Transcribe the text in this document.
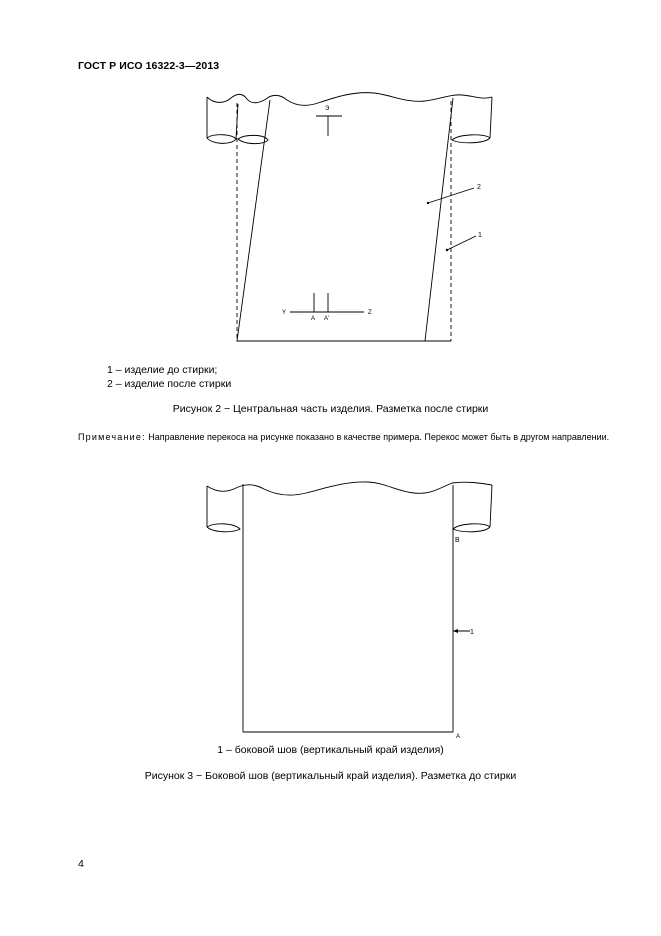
ГОСТ Р ИСО 16322-3—2013
Э
2
1
Y	Z
A A'
1 – изделие до стирки;
2 – изделие после стирки
Рисунок 2 − Центральная часть изделия. Разметка после стирки
Примечание: Направление перекоса на рисунке показано в качестве примера. Перекос может быть в другом направлении.
B
1
A
1 – боковой шов (вертикальный край изделия)
Рисунок 3 − Боковой шов (вертикальный край изделия). Разметка до стирки
4
